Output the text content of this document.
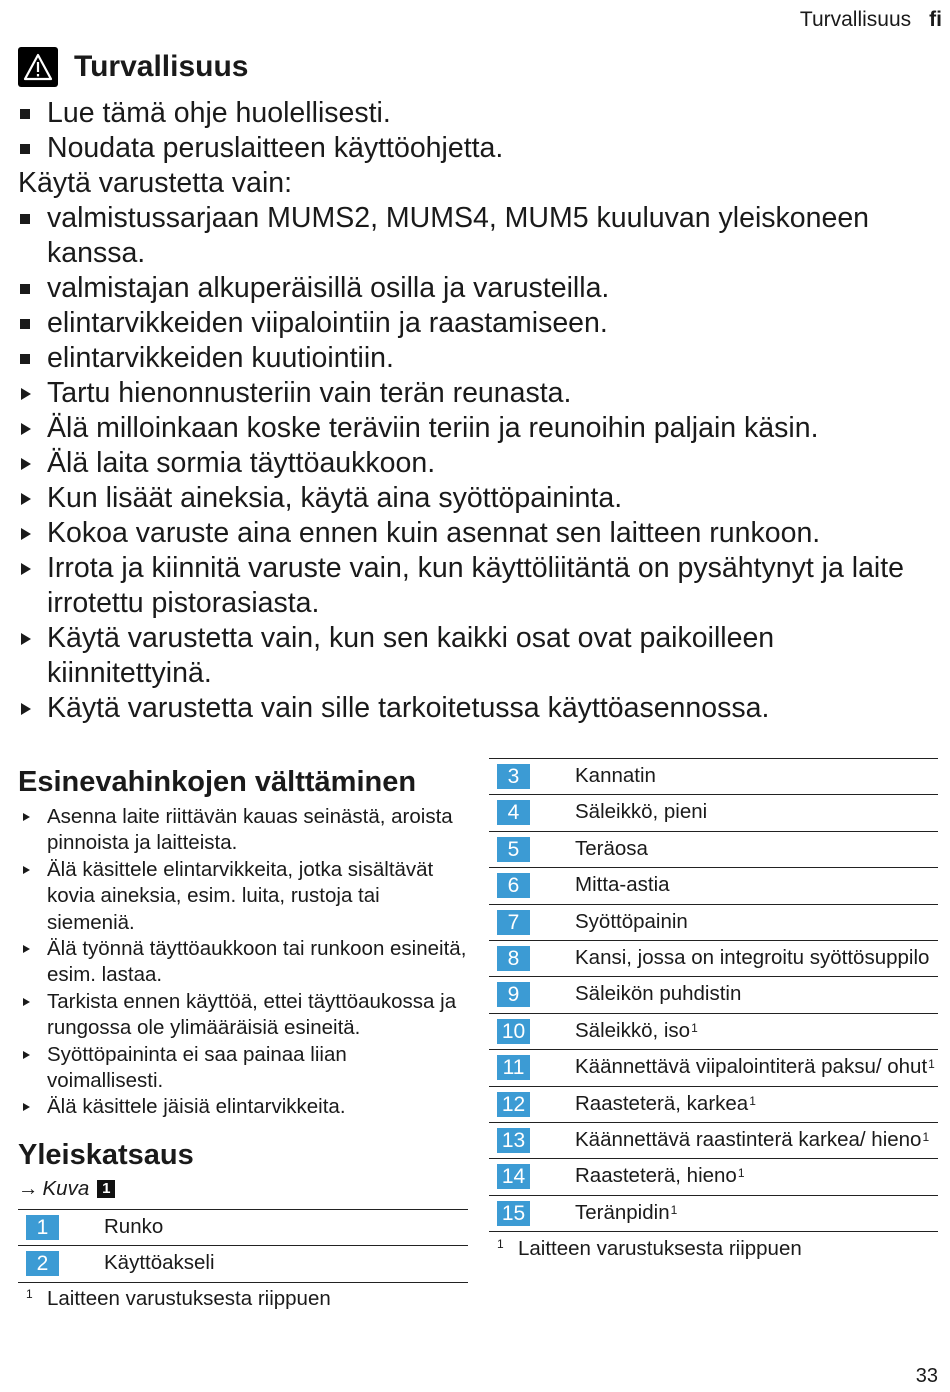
Turvallisuus fi
Turvallisuus
Lue tämä ohje huolellisesti.
Noudata peruslaitteen käyttöohjetta.
Käytä varustetta vain:
valmistussarjaan MUMS2, MUMS4, MUM5 kuuluvan yleiskoneen kanssa.
valmistajan alkuperäisillä osilla ja varusteilla.
elintarvikkeiden viipalointiin ja raastamiseen.
elintarvikkeiden kuutiointiin.
Tartu hienonnusteriin vain terän reunasta.
Älä milloinkaan koske teräviin teriin ja reunoihin paljain käsin.
Älä laita sormia täyttöaukkoon.
Kun lisäät aineksia, käytä aina syöttöpaininta.
Kokoa varuste aina ennen kuin asennat sen laitteen runkoon.
Irrota ja kiinnitä varuste vain, kun käyttöliitäntä on pysähtynyt ja laite irrotettu pistorasiasta.
Käytä varustetta vain, kun sen kaikki osat ovat paikoilleen kiinnitettyinä.
Käytä varustetta vain sille tarkoitetussa käyttöasennossa.
Esinevahinkojen välttäminen
Asenna laite riittävän kauas seinästä, aroista pinnoista ja laitteista.
Älä käsittele elintarvikkeita, jotka sisältävät kovia aineksia, esim. luita, rustoja tai siemeniä.
Älä työnnä täyttöaukkoon tai runkoon esineitä, esim. lastaa.
Tarkista ennen käyttöä, ettei täyttöaukossa ja rungossa ole ylimääräisiä esineitä.
Syöttöpaininta ei saa painaa liian voimallisesti.
Älä käsittele jäisiä elintarvikkeita.
Yleiskatsaus
→ Kuva 1
1	Runko
2	Käyttöakseli
1 Laitteen varustuksesta riippuen
3	Kannatin
4	Säleikkö, pieni
5	Teräosa
6	Mitta-astia
7	Syöttöpainin
8	Kansi, jossa on integroitu syöttösuppilo
9	Säleikön puhdistin
10	Säleikkö, iso$^1$
11	Käännettävä viipalointiterä paksu/ ohut$^1$
12	Raasteterä, karkea$^1$
13	Käännettävä raastinterä karkea/ hieno$^1$
14	Raasteterä, hieno$^1$
15	Teränpidin$^1$
1 Laitteen varustuksesta riippuen
33
